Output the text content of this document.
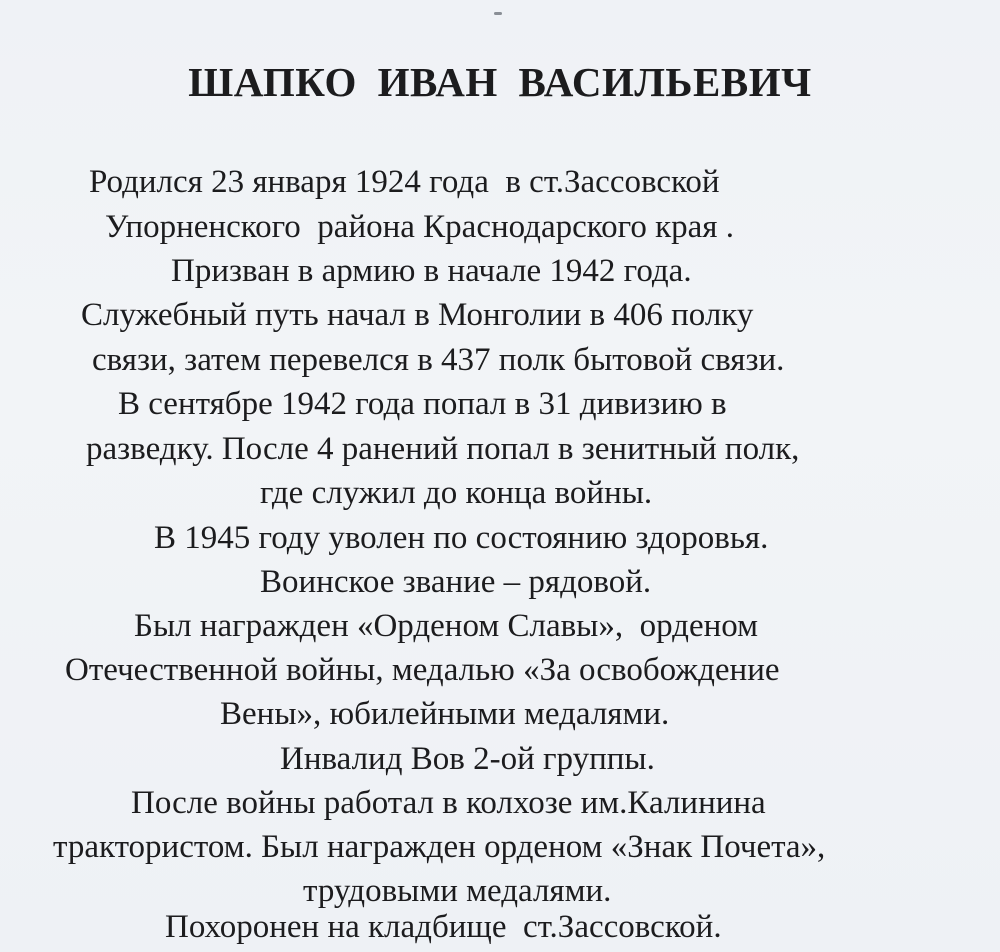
ШАПКО ИВАН ВАСИЛЬЕВИЧ
Родился 23 января 1924 года  в ст.Зассовской
Упорненского  района Краснодарского края .
Призван в армию в начале 1942 года.
Служебный путь начал в Монголии в 406 полку
связи, затем перевелся в 437 полк бытовой связи.
В сентябре 1942 года попал в 31 дивизию в
разведку. После 4 ранений попал в зенитный полк,
где служил до конца войны.
В 1945 году уволен по состоянию здоровья.
Воинское звание – рядовой.
Был награжден «Орденом Славы»,  орденом
Отечественной войны, медалью «За освобождение
Вены», юбилейными медалями.
Инвалид Вов 2-ой группы.
После войны работал в колхозе им.Калинина
трактористом. Был награжден орденом «Знак Почета»,
трудовыми медалями.
Похоронен на кладбище  ст.Зассовской.
